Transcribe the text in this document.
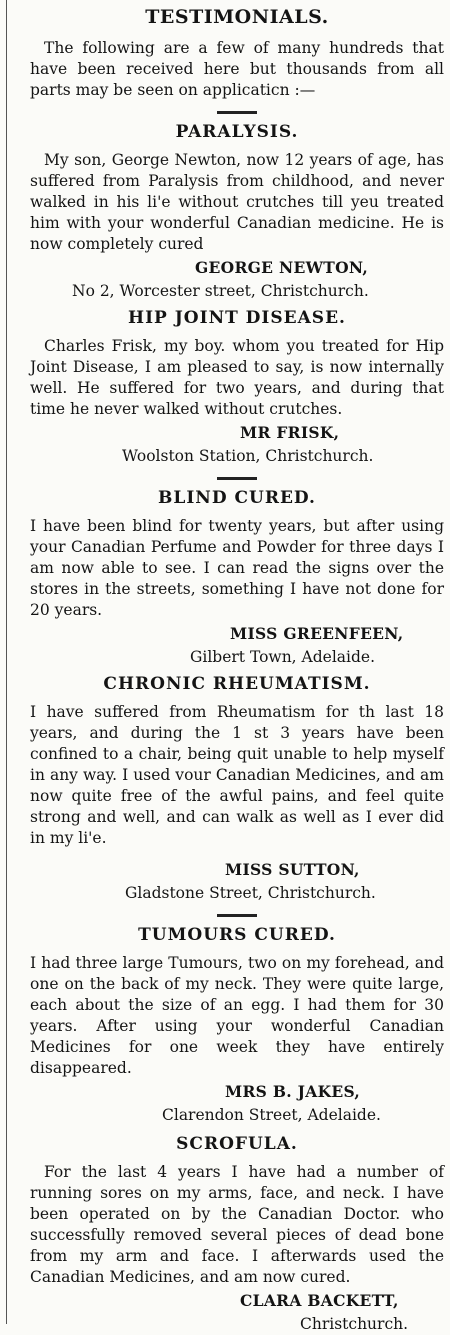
TESTIMONIALS.

The following are a few of many hundreds that have been received here but thousands from all parts may be seen on applicaticn :—

PARALYSIS.

My son, George Newton, now 12 years of age, has suffered from Paralysis from childhood, and never walked in his li'e without crutches till yeu treated him with your wonderful Canadian medicine. He is now completely cured

GEORGE NEWTON,
No 2, Worcester street, Christchurch.
HIP JOINT DISEASE.

Charles Frisk, my boy. whom you treated for Hip Joint Disease, I am pleased to say, is now internally well. He suffered for two years, and during that time he never walked without crutches.

MR FRISK,
Woolston Station, Christchurch.
BLIND CURED.

I have been blind for twenty years, but after using your Canadian Perfume and Powder for three days I am now able to see. I can read the signs over the stores in the streets, something I have not done for 20 years.

MISS GREENFEEN,
Gilbert Town, Adelaide.
CHRONIC RHEUMATISM.

I have suffered from Rheumatism for th last 18 years, and during the 1 st 3 years have been confined to a chair, being quit unable to help myself in any way. I used vour Canadian Medicines, and am now quite free of the awful pains, and feel quite strong and well, and can walk as well as I ever did in my li'e.

MISS SUTTON,
Gladstone Street, Christchurch.
TUMOURS CURED.

I had three large Tumours, two on my forehead, and one on the back of my neck. They were quite large, each about the size of an egg. I had them for 30 years. After using your wonderful Canadian Medicines for one week they have entirely disappeared.

MRS B. JAKES,
Clarendon Street, Adelaide.
SCROFULA.

For the last 4 years I have had a number of running sores on my arms, face, and neck. I have been operated on by the Canadian Doctor. who successfully removed several pieces of dead bone from my arm and face. I afterwards used the Canadian Medicines, and am now cured.

CLARA BACKETT,
Christchurch.
